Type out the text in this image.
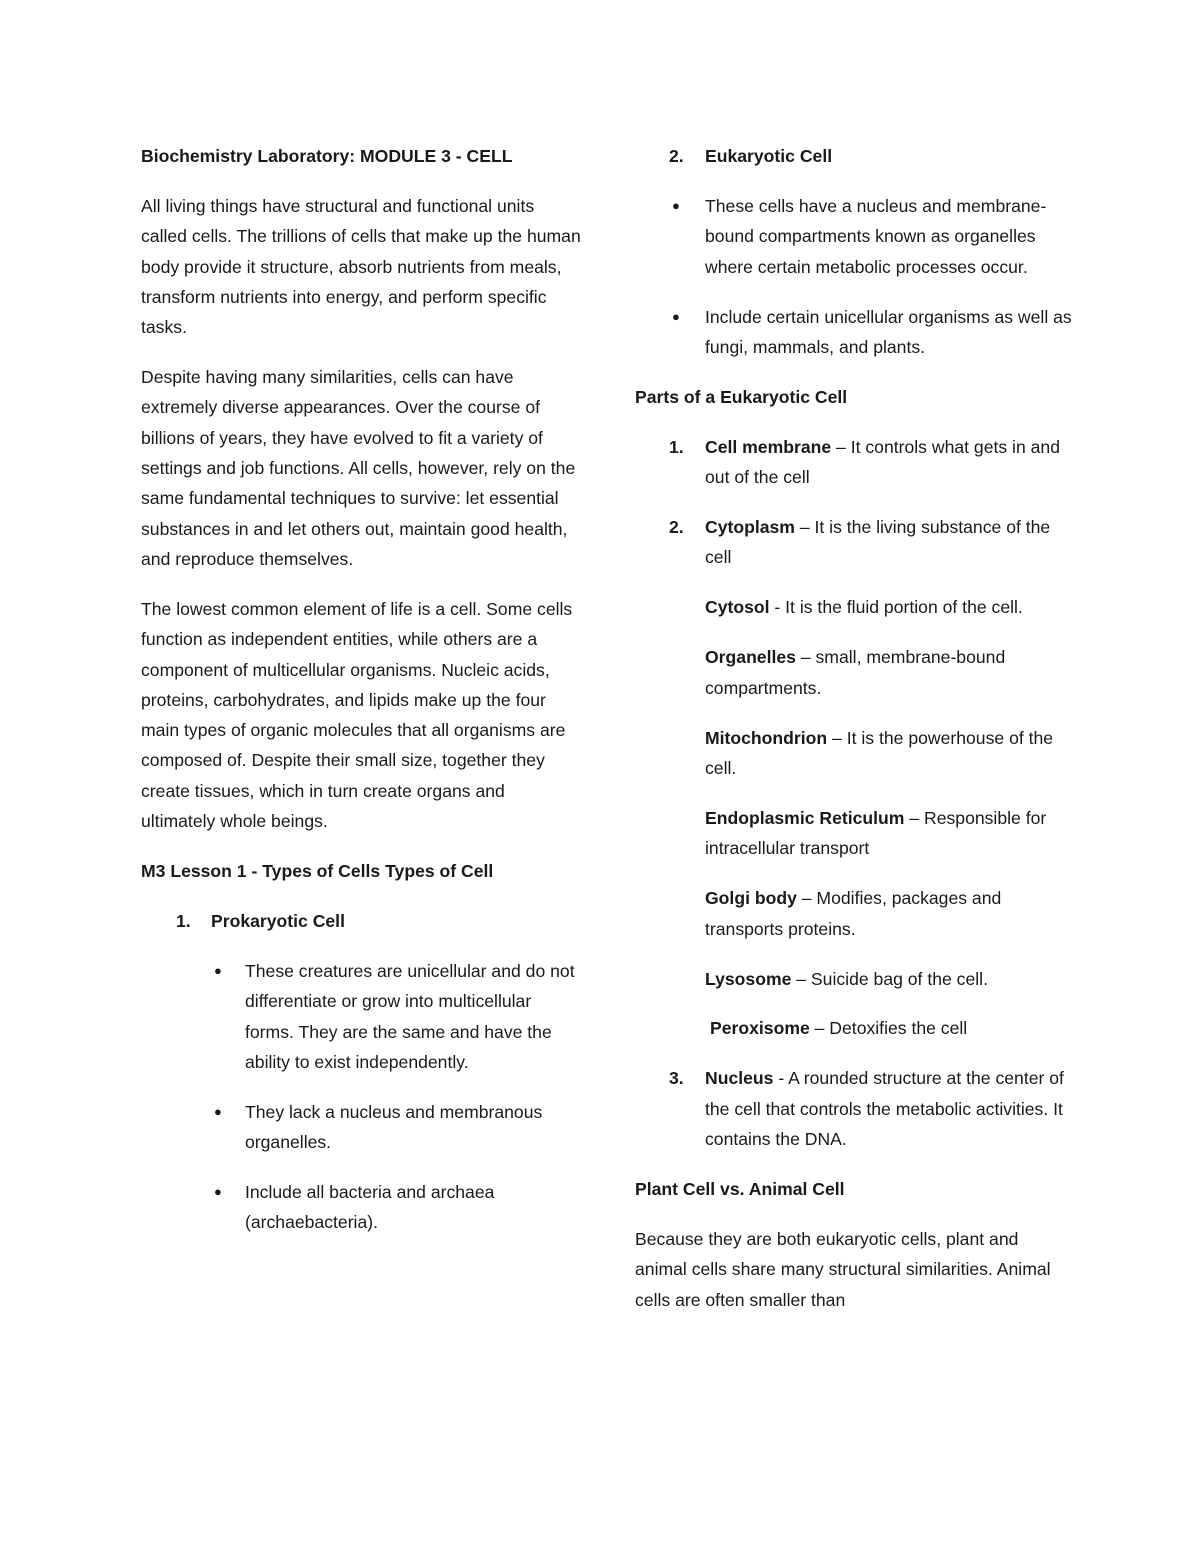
Biochemistry Laboratory: MODULE 3 - CELL

All living things have structural and functional units called cells. The trillions of cells that make up the human body provide it structure, absorb nutrients from meals, transform nutrients into energy, and perform specific tasks.

Despite having many similarities, cells can have extremely diverse appearances. Over the course of billions of years, they have evolved to fit a variety of settings and job functions. All cells, however, rely on the same fundamental techniques to survive: let essential substances in and let others out, maintain good health, and reproduce themselves.

The lowest common element of life is a cell. Some cells function as independent entities, while others are a component of multicellular organisms. Nucleic acids, proteins, carbohydrates, and lipids make up the four main types of organic molecules that all organisms are composed of. Despite their small size, together they create tissues, which in turn create organs and ultimately whole beings.

M3 Lesson 1 - Types of Cells Types of Cell

1. Prokaryotic Cell
● These creatures are unicellular and do not differentiate or grow into multicellular forms. They are the same and have the ability to exist independently.
● They lack a nucleus and membranous organelles.
● Include all bacteria and archaea (archaebacteria).
2. Eukaryotic Cell
● These cells have a nucleus and membrane-bound compartments known as organelles where certain metabolic processes occur.
● Include certain unicellular organisms as well as fungi, mammals, and plants.

Parts of a Eukaryotic Cell

1. Cell membrane – It controls what gets in and out of the cell
2. Cytoplasm – It is the living substance of the cell
Cytosol - It is the fluid portion of the cell.
Organelles – small, membrane-bound compartments.
Mitochondrion – It is the powerhouse of the cell.
Endoplasmic Reticulum – Responsible for intracellular transport
Golgi body – Modifies, packages and transports proteins.
Lysosome – Suicide bag of the cell.
Peroxisome – Detoxifies the cell
3. Nucleus - A rounded structure at the center of the cell that controls the metabolic activities. It contains the DNA.

Plant Cell vs. Animal Cell

Because they are both eukaryotic cells, plant and animal cells share many structural similarities. Animal cells are often smaller than
